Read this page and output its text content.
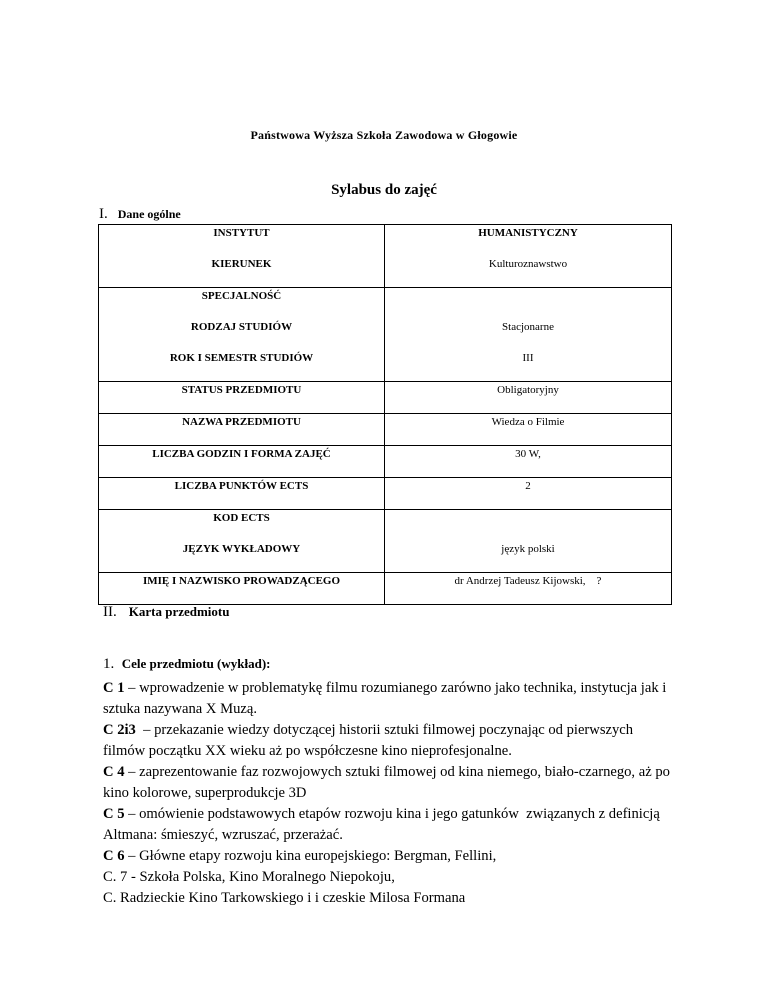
Państwowa Wyższa Szkoła Zawodowa w Głogowie
Sylabus do zajęć
I. Dane ogólne
INSTYTUT	HUMANISTYCZNY
KIERUNEK	Kulturoznawstwo
SPECJALNOŚĆ	
RODZAJ STUDIÓW	Stacjonarne
ROK I SEMESTR STUDIÓW	III
STATUS PRZEDMIOTU	Obligatoryjny
NAZWA PRZEDMIOTU	Wiedza o Filmie
LICZBA GODZIN I FORMA ZAJĘĆ	30 W,
LICZBA PUNKTÓW ECTS	2
KOD ECTS	
JĘZYK WYKŁADOWY	język polski
IMIĘ I NAZWISKO PROWADZĄCEGO	dr Andrzej Tadeusz Kijowski,    ?
II. Karta przedmiotu
1. Cele przedmiotu (wykład):

C 1 – wprowadzenie w problematykę filmu rozumianego zarówno jako technika, instytucja jak i sztuka nazywana X Muzą.

C 2i3  – przekazanie wiedzy dotyczącej historii sztuki filmowej poczynając od pierwszych filmów początku XX wieku aż po współczesne kino nieprofesjonalne.

C 4 – zaprezentowanie faz rozwojowych sztuki filmowej od kina niemego, biało-czarnego, aż po kino kolorowe, superprodukcje 3D

C 5 – omówienie podstawowych etapów rozwoju kina i jego gatunków  związanych z definicją Altmana: śmieszyć, wzruszać, przerażać.

C 6 – Główne etapy rozwoju kina europejskiego: Bergman, Fellini,

C. 7 - Szkoła Polska, Kino Moralnego Niepokoju,

C. Radzieckie Kino Tarkowskiego i i czeskie Milosa Formana
